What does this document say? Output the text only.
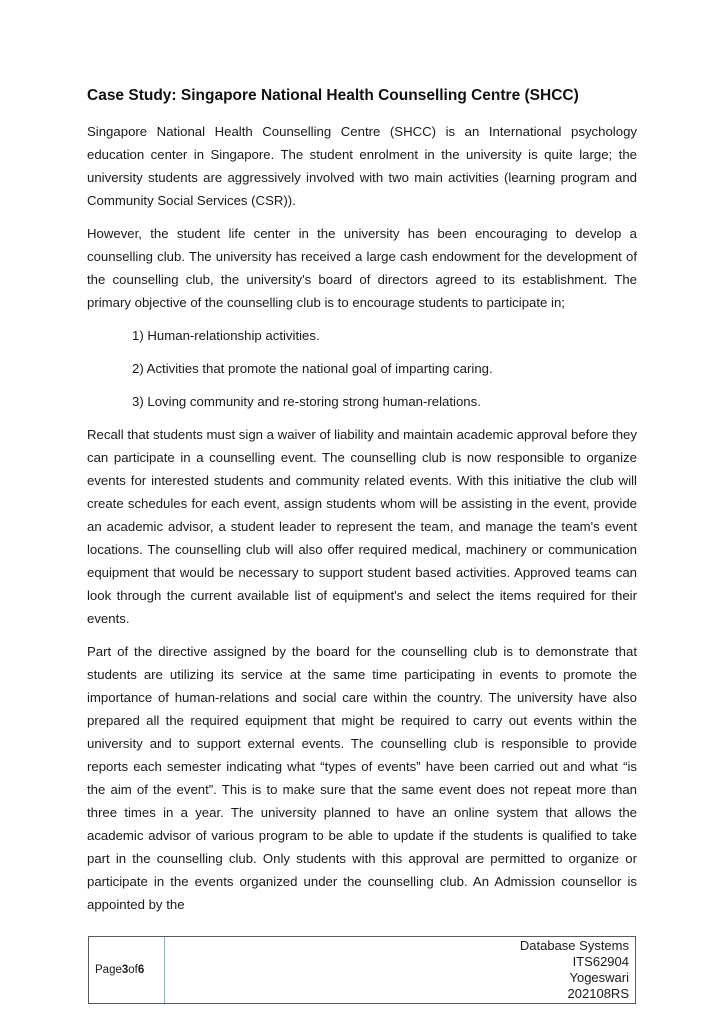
Case Study: Singapore National Health Counselling Centre (SHCC)

Singapore National Health Counselling Centre (SHCC) is an International psychology education center in Singapore. The student enrolment in the university is quite large; the university students are aggressively involved with two main activities (learning program and Community Social Services (CSR)).

However, the student life center in the university has been encouraging to develop a counselling club. The university has received a large cash endowment for the development of the counselling club, the university's board of directors agreed to its establishment. The primary objective of the counselling club is to encourage students to participate in;

1) Human-relationship activities.
2) Activities that promote the national goal of imparting caring.
3) Loving community and re-storing strong human-relations.

Recall that students must sign a waiver of liability and maintain academic approval before they can participate in a counselling event. The counselling club is now responsible to organize events for interested students and community related events. With this initiative the club will create schedules for each event, assign students whom will be assisting in the event, provide an academic advisor, a student leader to represent the team, and manage the team's event locations. The counselling club will also offer required medical, machinery or communication equipment that would be necessary to support student based activities. Approved teams can look through the current available list of equipment's and select the items required for their events.

Part of the directive assigned by the board for the counselling club is to demonstrate that students are utilizing its service at the same time participating in events to promote the importance of human-relations and social care within the country. The university have also prepared all the required equipment that might be required to carry out events within the university and to support external events. The counselling club is responsible to provide reports each semester indicating what “types of events” have been carried out and what “is the aim of the event”. This is to make sure that the same event does not repeat more than three times in a year. The university planned to have an online system that allows the academic advisor of various program to be able to update if the students is qualified to take part in the counselling club. Only students with this approval are permitted to organize or participate in the events organized under the counselling club. An Admission counsellor is appointed by the

Page 3 of 6
Database Systems
ITS62904
Yogeswari
202108RS
